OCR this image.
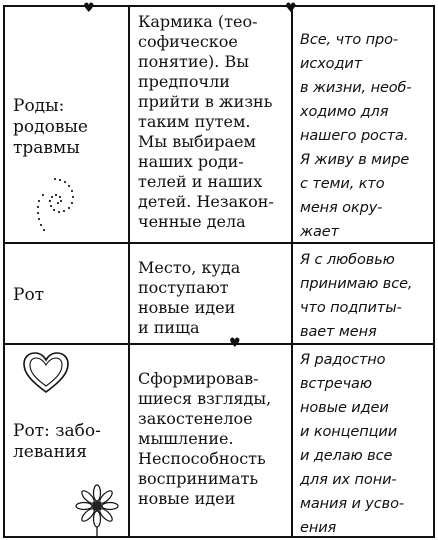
♥	♥
♥
Роды:
родовые
травмы
Кармика (тео-
софическое
понятие). Вы
предпочли
прийти в жизнь
таким путем.
Мы выбираем
наших роди-
телей и наших
детей. Незакон-
ченные дела
Все, что про-
исходит
в жизни, необ-
ходимо для
нашего роста.
Я живу в мире
с теми, кто
меня окру-
жает
Рот
Место, куда
поступают
новые идеи
и пища
Я с любовью
принимаю все,
что подпиты-
вает меня
Рот: забо-
левания
Сформировав-
шиеся взгляды,
закостенелое
мышление.
Неспособность
воспринимать
новые идеи
Я радостно
встречаю
новые идеи
и концепции
и делаю все
для их пони-
мания и усво-
ения
